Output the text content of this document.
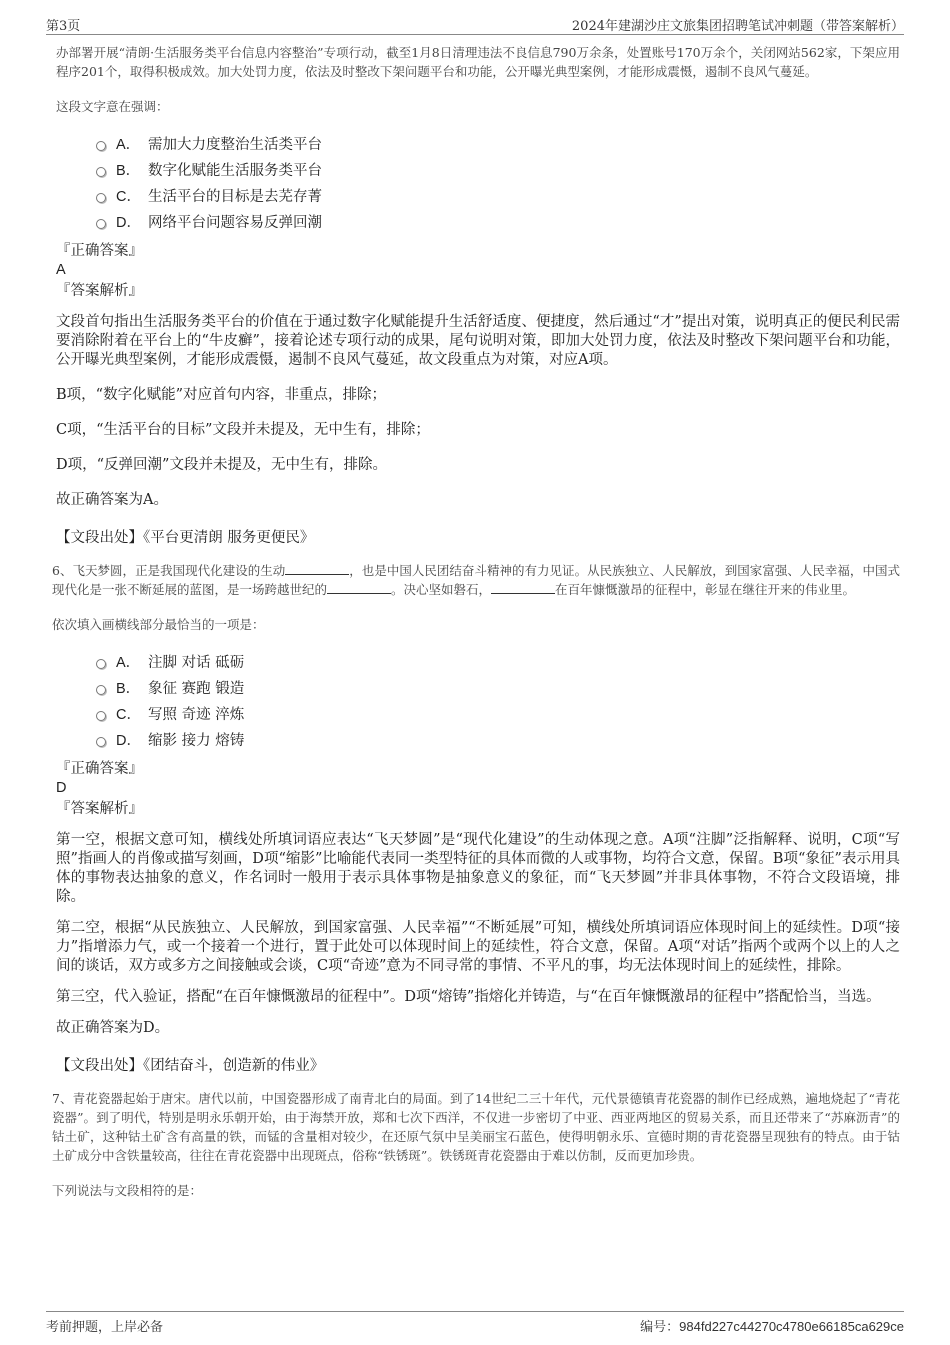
第3页	2024年建湖沙庄文旅集团招聘笔试冲刺题（带答案解析）

办部署开展“清朗·生活服务类平台信息内容整治”专项行动，截至1月8日清理违法不良信息790万余条，处置账号170万余个，关闭网站562家，下架应用程序201个，取得积极成效。加大处罚力度，依法及时整改下架问题平台和功能，公开曝光典型案例，才能形成震慑，遏制不良风气蔓延。

这段文字意在强调：

A． 需加大力度整治生活类平台
B． 数字化赋能生活服务类平台
C． 生活平台的目标是去芜存菁
D． 网络平台问题容易反弹回潮

『正确答案』

A

『答案解析』

文段首句指出生活服务类平台的价值在于通过数字化赋能提升生活舒适度、便捷度，然后通过“才”提出对策，说明真正的便民利民需要消除附着在平台上的“牛皮癣”，接着论述专项行动的成果，尾句说明对策，即加大处罚力度，依法及时整改下架问题平台和功能，公开曝光典型案例，才能形成震慑，遏制不良风气蔓延，故文段重点为对策，对应A项。

B项，“数字化赋能”对应首句内容，非重点，排除；

C项，“生活平台的目标”文段并未提及，无中生有，排除；

D项，“反弹回潮”文段并未提及，无中生有，排除。

故正确答案为A。

【文段出处】《平台更清朗 服务更便民》

6、飞天梦圆，正是我国现代化建设的生动	，也是中国人民团结奋斗精神的有力见证。从民族独立、人民解放，到国家富强、人民幸福，中国式现代化是一张不断延展的蓝图，是一场跨越世纪的	。决心坚如磐石，	在百年慷慨激昂的征程中，彰显在继往开来的伟业里。

依次填入画横线部分最恰当的一项是：

A． 注脚 对话 砥砺
B． 象征 赛跑 锻造
C． 写照 奇迹 淬炼
D． 缩影 接力 熔铸

『正确答案』

D

『答案解析』

第一空，根据文意可知，横线处所填词语应表达“飞天梦圆”是“现代化建设”的生动体现之意。A项“注脚”泛指解释、说明，C项“写照”指画人的肖像或描写刻画，D项“缩影”比喻能代表同一类型特征的具体而微的人或事物，均符合文意，保留。B项“象征”表示用具体的事物表达抽象的意义，作名词时一般用于表示具体事物是抽象意义的象征，而“飞天梦圆”并非具体事物，不符合文段语境，排除。

第二空，根据“从民族独立、人民解放，到国家富强、人民幸福”“不断延展”可知，横线处所填词语应体现时间上的延续性。D项“接力”指增添力气，或一个接着一个进行，置于此处可以体现时间上的延续性，符合文意，保留。A项“对话”指两个或两个以上的人之间的谈话，双方或多方之间接触或会谈，C项“奇迹”意为不同寻常的事情、不平凡的事，均无法体现时间上的延续性，排除。

第三空，代入验证，搭配“在百年慷慨激昂的征程中”。D项“熔铸”指熔化并铸造，与“在百年慷慨激昂的征程中”搭配恰当，当选。

故正确答案为D。

【文段出处】《团结奋斗，创造新的伟业》

7、青花瓷器起始于唐宋。唐代以前，中国瓷器形成了南青北白的局面。到了14世纪二三十年代，元代景德镇青花瓷器的制作已经成熟，遍地烧起了“青花瓷器”。到了明代，特别是明永乐朝开始，由于海禁开放，郑和七次下西洋，不仅进一步密切了中亚、西亚两地区的贸易关系，而且还带来了“苏麻沥青”的钴土矿，这种钴土矿含有高量的铁，而锰的含量相对较少，在还原气氛中呈美丽宝石蓝色，使得明朝永乐、宣德时期的青花瓷器呈现独有的特点。由于钴土矿成分中含铁量较高，往往在青花瓷器中出现斑点，俗称“铁锈斑”。铁锈斑青花瓷器由于难以仿制，反而更加珍贵。

下列说法与文段相符的是：

考前押题，上岸必备	编号：984fd227c44270c4780e66185ca629ce
